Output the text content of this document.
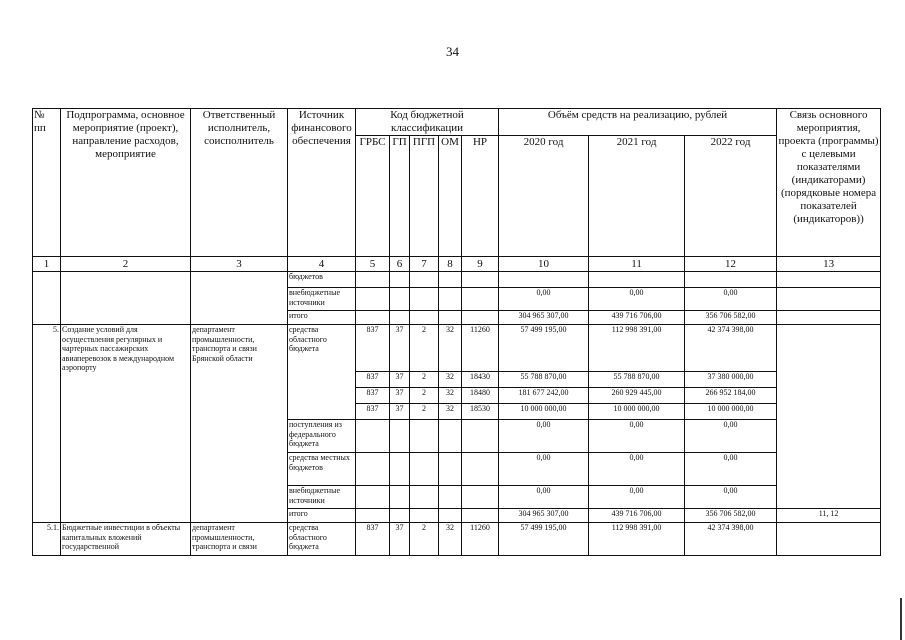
34
№ пп	Подпрограмма, основное мероприятие (проект), направление расходов, мероприятие	Ответственный исполнитель, соисполнитель	Источник финансового обеспечения	Код бюджетной классификации					Объём средств на реализацию, рублей			Связь основного мероприятия, проекта (программы) с целевыми показателями (индикаторами) (порядковые номера показателей (индикаторов))
				ГРБС	ГП	ПГП	ОМ	НР	2020 год	2021 год	2022 год	
1	2	3	4	5	6	7	8	9	10	11	12	13
			бюджетов									
			внебюджетные источники						0,00	0,00	0,00	
			итого						304 965 307,00	439 716 706,00	356 706 582,00	
5.	Создание условий для осуществления регулярных и чартерных пассажирских авиаперевозок в международном аэропорту	департамент промышленности, транспорта и связи Брянской области	средства областного бюджета	837	37	2	32	11260	57 499 195,00	112 998 391,00	42 374 398,00	
				837	37	2	32	18430	55 788 870,00	55 788 870,00	37 380 000,00	
				837	37	2	32	18480	181 677 242,00	260 929 445,00	266 952 184,00	
				837	37	2	32	18530	10 000 000,00	10 000 000,00	10 000 000,00	
			поступления из федерального бюджета						0,00	0,00	0,00	
			средства местных бюджетов						0,00	0,00	0,00	
			внебюджетные источники						0,00	0,00	0,00	
			итого						304 965 307,00	439 716 706,00	356 706 582,00	11, 12
5.1.	Бюджетные инвестиции в объекты капитальных вложений государственной	департамент промышленности, транспорта и связи	средства областного бюджета	837	37	2	32	11260	57 499 195,00	112 998 391,00	42 374 398,00	
